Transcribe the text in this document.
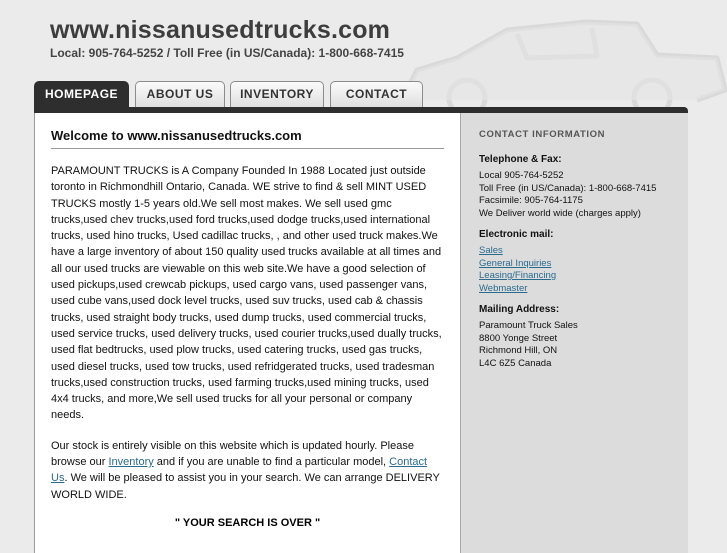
www.nissanusedtrucks.com
Local: 905-764-5252 / Toll Free (in US/Canada): 1-800-668-7415
HOMEPAGE	ABOUT US	INVENTORY	CONTACT
Welcome to www.nissanusedtrucks.com

PARAMOUNT TRUCKS is A Company Founded In 1988 Located just outside toronto in Richmondhill Ontario, Canada. WE strive to find & sell MINT USED TRUCKS mostly 1-5 years old.We sell most makes. We sell used gmc trucks,used chev trucks,used ford trucks,used dodge trucks,used international trucks, used hino trucks, Used cadillac trucks, , and other used truck makes.We have a large inventory of about 150 quality used trucks available at all times and all our used trucks are viewable on this web site.We have a good selection of used pickups,used crewcab pickups, used cargo vans, used passenger vans, used cube vans,used dock level trucks, used suv trucks, used cab & chassis trucks, used straight body trucks, used dump trucks, used commercial trucks, used service trucks, used delivery trucks, used courier trucks,used dually trucks, used flat bedtrucks, used plow trucks, used catering trucks, used gas trucks, used diesel trucks, used tow trucks, used refridgerated trucks, used tradesman trucks,used construction trucks, used farming trucks,used mining trucks, used 4x4 trucks, and more,We sell used trucks for all your personal or company needs.

Our stock is entirely visible on this website which is updated hourly. Please browse our Inventory and if you are unable to find a particular model, Contact Us. We will be pleased to assist you in your search. We can arrange DELIVERY WORLD WIDE.

" YOUR SEARCH IS OVER "
CONTACT INFORMATION
Telephone & Fax:
Local 905-764-5252
Toll Free (in US/Canada): 1-800-668-7415
Facsimile: 905-764-1175
We Deliver world wide (charges apply)
Electronic mail:
Sales
General Inquiries
Leasing/Financing
Webmaster
Mailing Address:
Paramount Truck Sales
8800 Yonge Street
Richmond Hill, ON
L4C 6Z5 Canada
